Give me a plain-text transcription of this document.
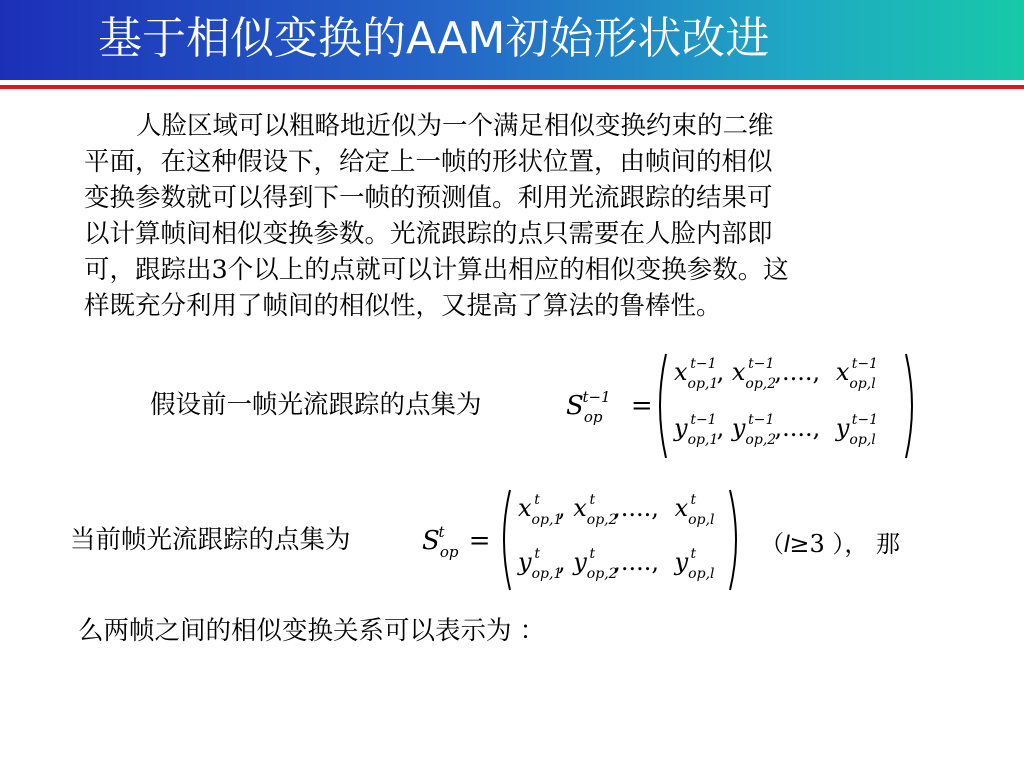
基于相似变换的AAM初始形状改进
人脸区域可以粗略地近似为一个满足相似变换约束的二维
平面，在这种假设下，给定上一帧的形状位置，由帧间的相似
变换参数就可以得到下一帧的预测值。利用光流跟踪的结果可
以计算帧间相似变换参数。光流跟踪的点只需要在人脸内部即
可，跟踪出3个以上的点就可以计算出相应的相似变换参数。这
样既充分利用了帧间的相似性，又提高了算法的鲁棒性。
假设前一帧光流跟踪的点集为	$S_{op}^{t-1}$ =
$x_{op,1}^{t-1}$, $x_{op,2}^{t-1}$,...., $x_{op,l}^{t-1}$
$y_{op,1}^{t-1}$, $y_{op,2}^{t-1}$,...., $y_{op,l}^{t-1}$
当前帧光流跟踪的点集为	$S_{op}^t$ =
$x_{op,1}^t$ , $x_{op,2}^t$ ,...., $x_{op,l}^t$
$y_{op,1}^t$ , $y_{op,2}^t$ ,...., $y_{op,l}^t$	（l≥3 ）， 那
么两帧之间的相似变换关系可以表示为 ：
